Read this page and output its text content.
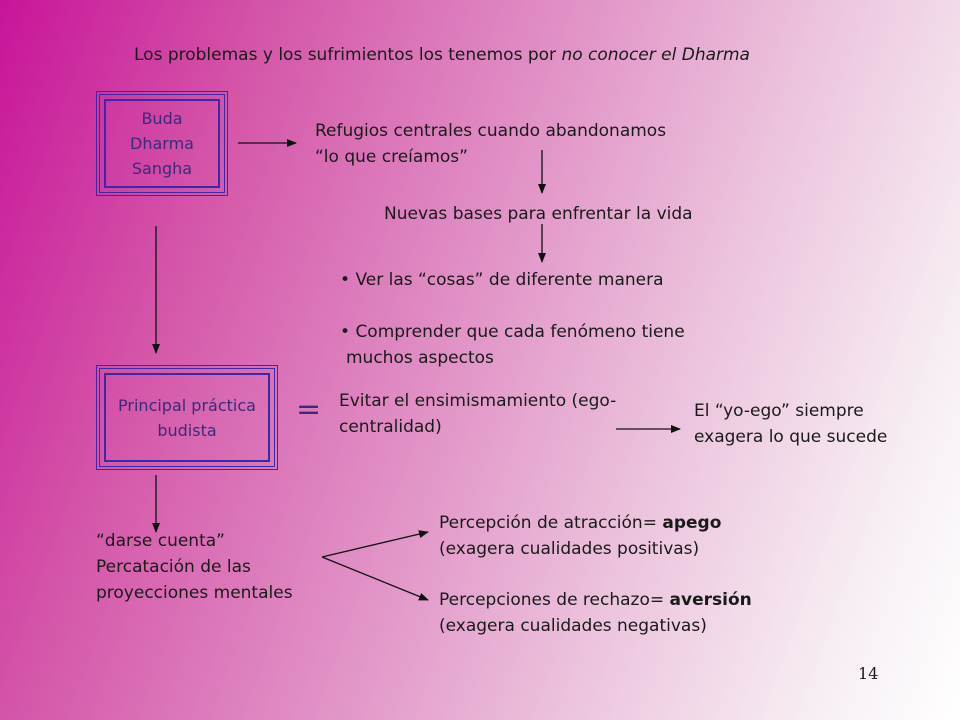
Los problemas y los sufrimientos los tenemos por no conocer el Dharma
Buda
Dharma
Sangha
Refugios centrales cuando abandonamos
“lo que creíamos”
Nuevas bases para enfrentar la vida
• Ver las “cosas” de diferente manera
• Comprender que cada fenómeno tiene
muchos aspectos
Principal práctica
budista
= Evitar el ensimismamiento (ego-
centralidad)
El “yo-ego” siempre
exagera lo que sucede
“darse cuenta”
Percatación de las
proyecciones mentales
Percepción de atracción= apego
(exagera cualidades positivas)
Percepciones de rechazo= aversión
(exagera cualidades negativas)
14
